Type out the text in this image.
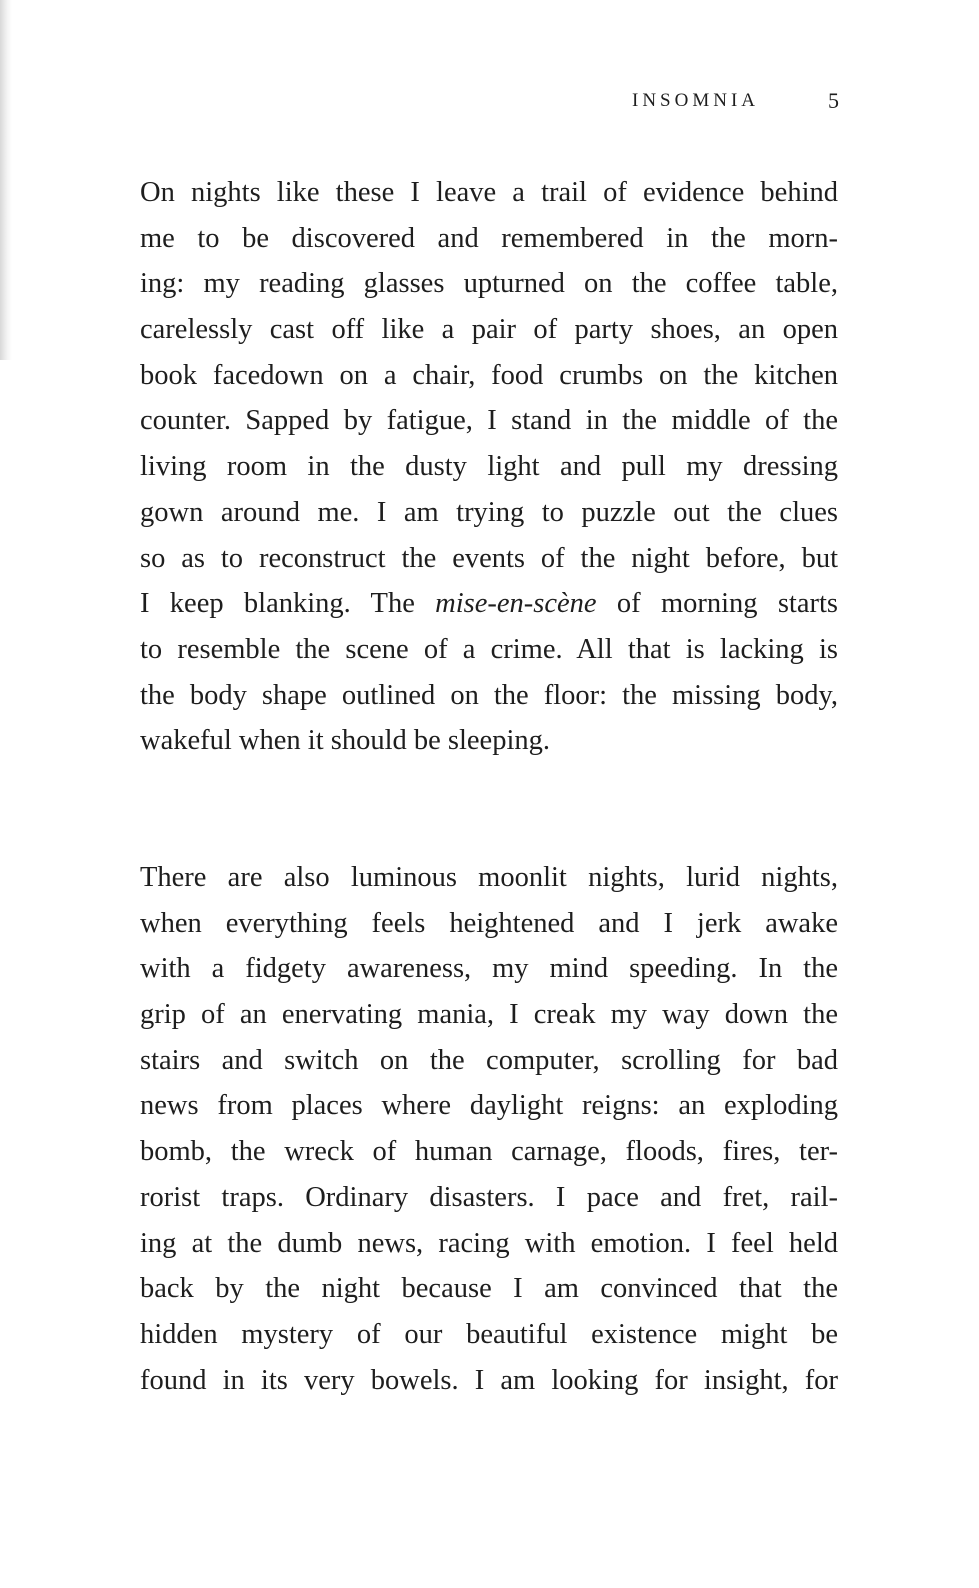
INSOMNIA	5
On nights like these I leave a trail of evidence behind
me to be discovered and remembered in the morn-
ing: my reading glasses upturned on the coffee table,
carelessly cast off like a pair of party shoes, an open
book facedown on a chair, food crumbs on the kitchen
counter. Sapped by fatigue, I stand in the middle of the
living room in the dusty light and pull my dressing
gown around me. I am trying to puzzle out the clues
so as to reconstruct the events of the night before, but
I keep blanking. The mise-en-scène of morning starts
to resemble the scene of a crime. All that is lacking is
the body shape outlined on the floor: the missing body,
wakeful when it should be sleeping.
There are also luminous moonlit nights, lurid nights,
when everything feels heightened and I jerk awake
with a fidgety awareness, my mind speeding. In the
grip of an enervating mania, I creak my way down the
stairs and switch on the computer, scrolling for bad
news from places where daylight reigns: an exploding
bomb, the wreck of human carnage, floods, fires, ter-
rorist traps. Ordinary disasters. I pace and fret, rail-
ing at the dumb news, racing with emotion. I feel held
back by the night because I am convinced that the
hidden mystery of our beautiful existence might be
found in its very bowels. I am looking for insight, for
